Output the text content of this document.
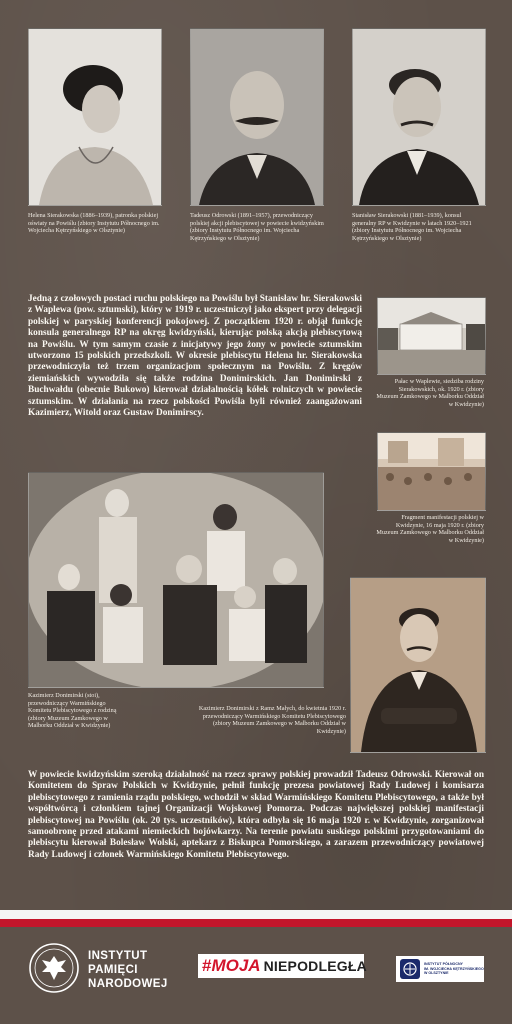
Helena Sierakowska (1886–1939), patronka polskiej oświaty na Powiślu (zbiory Instytutu Północnego im. Wojciecha Kętrzyńskiego w Olsztynie)

Tadeusz Odrowski (1891–1957), przewodniczący polskiej akcji plebiscytowej w powiecie kwidzyńskim (zbiory Instytutu Północnego im. Wojciecha Kętrzyńskiego w Olsztynie)

Stanisław Sierakowski (1881–1939), konsul generalny RP w Kwidzynie w latach 1920–1921 (zbiory Instytutu Północnego im. Wojciecha Kętrzyńskiego w Olsztynie)

Jedną z czołowych postaci ruchu polskiego na Powiślu był Stanisław hr. Sierakowski z Waplewa (pow. sztumski), który w 1919 r. uczestniczył jako ekspert przy delegacji polskiej w paryskiej konferencji pokojowej. Z początkiem 1920 r. objął funkcję konsula generalnego RP na okręg kwidzyński, kierując polską akcją plebiscytową na Powiślu. W tym samym czasie z inicjatywy jego żony w powiecie sztumskim utworzono 15 polskich przedszkoli. W okresie plebiscytu Helena hr. Sierakowska przewodniczyła też trzem organizacjom społecznym na Powiślu. Z kręgów ziemiańskich wywodziła się także rodzina Donimirskich. Jan Donimirski z Buchwałdu (obecnie Bukowo) kierował działalnością kółek rolniczych w powiecie sztumskim. W działania na rzecz polskości Powiśla byli również zaangażowani Kazimierz, Witold oraz Gustaw Donimirscy.

Pałac w Waplewie, siedziba rodziny Sierakowskich, ok. 1920 r. (zbiory Muzeum Zamkowego w Malborku Oddział w Kwidzynie)

Fragment manifestacji polskiej w Kwidzynie, 16 maja 1920 r. (zbiory Muzeum Zamkowego w Malborku Oddział w Kwidzynie)

Kazimierz Donimirski (stoi), przewodniczący Warmińskiego Komitetu Plebiscytowego z rodziną (zbiory Muzeum Zamkowego w Malborku Oddział w Kwidzynie)

Kazimierz Donimirski z Ramz Małych, do kwietnia 1920 r. przewodniczący Warmińskiego Komitetu Plebiscytowego (zbiory Muzeum Zamkowego w Malborku Oddział w Kwidzynie)

W powiecie kwidzyńskim szeroką działalność na rzecz sprawy polskiej prowadził Tadeusz Odrowski. Kierował on Komitetem do Spraw Polskich w Kwidzynie, pełnił funkcję prezesa powiatowej Rady Ludowej i komisarza plebiscytowego z ramienia rządu polskiego, wchodził w skład Warmińskiego Komitetu Plebiscytowego, a także był współtwórcą i członkiem tajnej Organizacji Wojskowej Pomorza. Podczas największej polskiej manifestacji plebiscytowej na Powiślu (ok. 20 tys. uczestników), która odbyła się 16 maja 1920 r. w Kwidzynie, zorganizował samoobronę przed atakami niemieckich bojówkarzy. Na terenie powiatu suskiego polskimi przygotowaniami do plebiscytu kierował Bolesław Wolski, aptekarz z Biskupca Pomorskiego, a zarazem przewodniczący powiatowej Rady Ludowej i członek Warmińskiego Komitetu Plebiscytowego.

INSTYTUT
PAMIĘCI
NARODOWEJ

# MOJA NIEPODLEGŁA	INSTYTUT PÓŁNOCNY
IM. WOJCIECHA KĘTRZYŃSKIEGO
W OLSZTYNIE
